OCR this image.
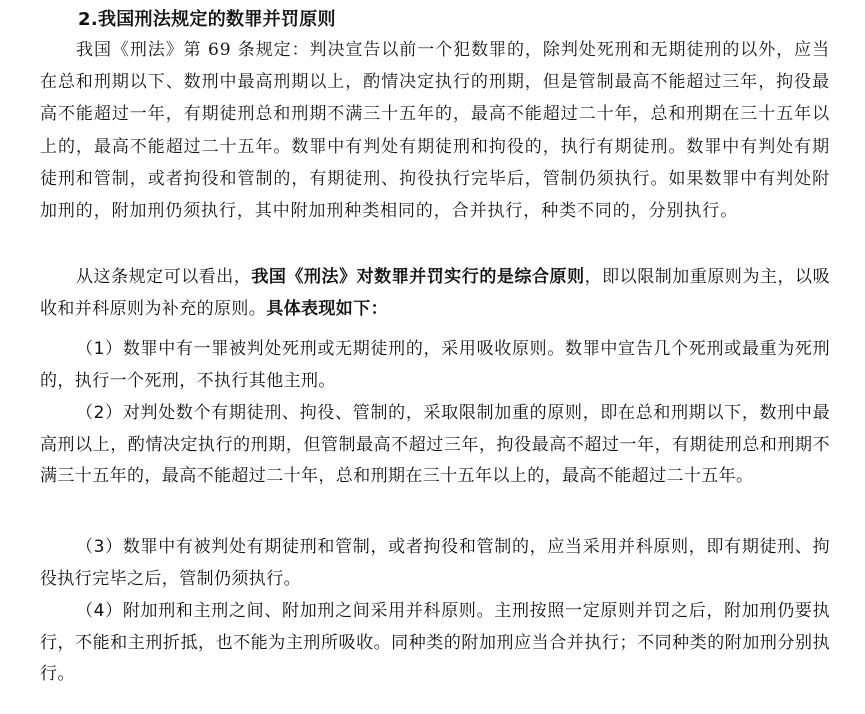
2.我国刑法规定的数罪并罚原则

我国《刑法》第 69 条规定：判决宣告以前一个犯数罪的，除判处死刑和无期徒刑的以外，应当在总和刑期以下、数刑中最高刑期以上，酌情决定执行的刑期，但是管制最高不能超过三年，拘役最高不能超过一年，有期徒刑总和刑期不满三十五年的，最高不能超过二十年，总和刑期在三十五年以上的，最高不能超过二十五年。数罪中有判处有期徒刑和拘役的，执行有期徒刑。数罪中有判处有期徒刑和管制，或者拘役和管制的，有期徒刑、拘役执行完毕后，管制仍须执行。如果数罪中有判处附加刑的，附加刑仍须执行，其中附加刑种类相同的，合并执行，种类不同的，分别执行。

从这条规定可以看出，我国《刑法》对数罪并罚实行的是综合原则，即以限制加重原则为主，以吸收和并科原则为补充的原则。具体表现如下：

（1）数罪中有一罪被判处死刑或无期徒刑的，采用吸收原则。数罪中宣告几个死刑或最重为死刑的，执行一个死刑，不执行其他主刑。

（2）对判处数个有期徒刑、拘役、管制的，采取限制加重的原则，即在总和刑期以下，数刑中最高刑以上，酌情决定执行的刑期，但管制最高不超过三年，拘役最高不超过一年，有期徒刑总和刑期不满三十五年的，最高不能超过二十年，总和刑期在三十五年以上的，最高不能超过二十五年。

（3）数罪中有被判处有期徒刑和管制，或者拘役和管制的，应当采用并科原则，即有期徒刑、拘役执行完毕之后，管制仍须执行。

（4）附加刑和主刑之间、附加刑之间采用并科原则。主刑按照一定原则并罚之后，附加刑仍要执行，不能和主刑折抵，也不能为主刑所吸收。同种类的附加刑应当合并执行；不同种类的附加刑分别执行。
